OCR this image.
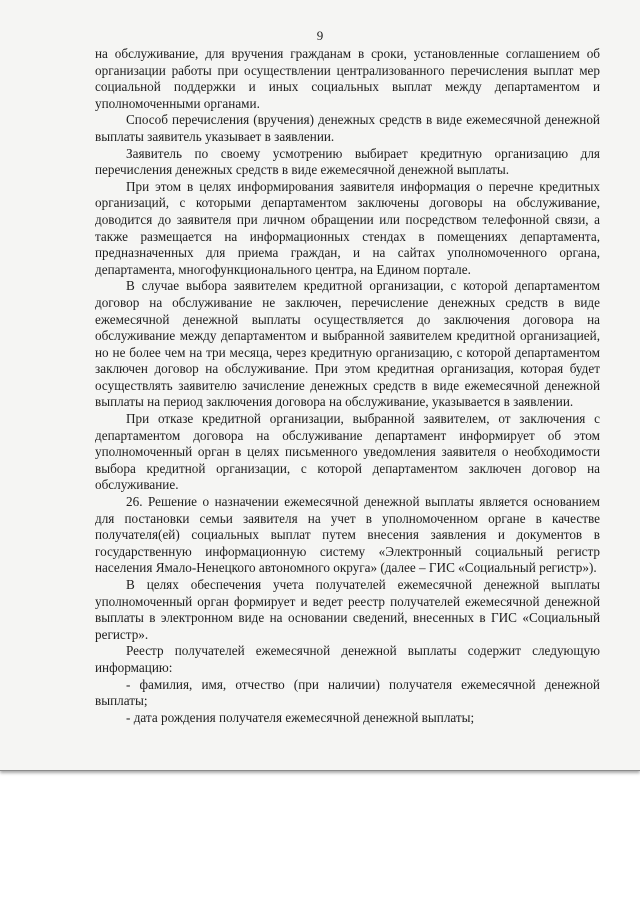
9

на обслуживание, для вручения гражданам в сроки, установленные соглашением об организации работы при осуществлении централизованного перечисления выплат мер социальной поддержки и иных социальных выплат между департаментом и уполномоченными органами.

Способ перечисления (вручения) денежных средств в виде ежемесячной денежной выплаты заявитель указывает в заявлении.

Заявитель по своему усмотрению выбирает кредитную организацию для перечисления денежных средств в виде ежемесячной денежной выплаты.

При этом в целях информирования заявителя информация о перечне кредитных организаций, с которыми департаментом заключены договоры на обслуживание, доводится до заявителя при личном обращении или посредством телефонной связи, а также размещается на информационных стендах в помещениях департамента, предназначенных для приема граждан, и на сайтах уполномоченного органа, департамента, многофункционального центра, на Едином портале.

В случае выбора заявителем кредитной организации, с которой департаментом договор на обслуживание не заключен, перечисление денежных средств в виде ежемесячной денежной выплаты осуществляется до заключения договора на обслуживание между департаментом и выбранной заявителем кредитной организацией, но не более чем на три месяца, через кредитную организацию, с которой департаментом заключен договор на обслуживание. При этом кредитная организация, которая будет осуществлять заявителю зачисление денежных средств в виде ежемесячной денежной выплаты на период заключения договора на обслуживание, указывается в заявлении.

При отказе кредитной организации, выбранной заявителем, от заключения с департаментом договора на обслуживание департамент информирует об этом уполномоченный орган в целях письменного уведомления заявителя о необходимости выбора кредитной организации, с которой департаментом заключен договор на обслуживание.

26. Решение о назначении ежемесячной денежной выплаты является основанием для постановки семьи заявителя на учет в уполномоченном органе в качестве получателя(ей) социальных выплат путем внесения заявления и документов в государственную информационную систему «Электронный социальный регистр населения Ямало-Ненецкого автономного округа» (далее – ГИС «Социальный регистр»).

В целях обеспечения учета получателей ежемесячной денежной выплаты уполномоченный орган формирует и ведет реестр получателей ежемесячной денежной выплаты в электронном виде на основании сведений, внесенных в ГИС «Социальный регистр».

Реестр получателей ежемесячной денежной выплаты содержит следующую информацию:

- фамилия, имя, отчество (при наличии) получателя ежемесячной денежной выплаты;

- дата рождения получателя ежемесячной денежной выплаты;
